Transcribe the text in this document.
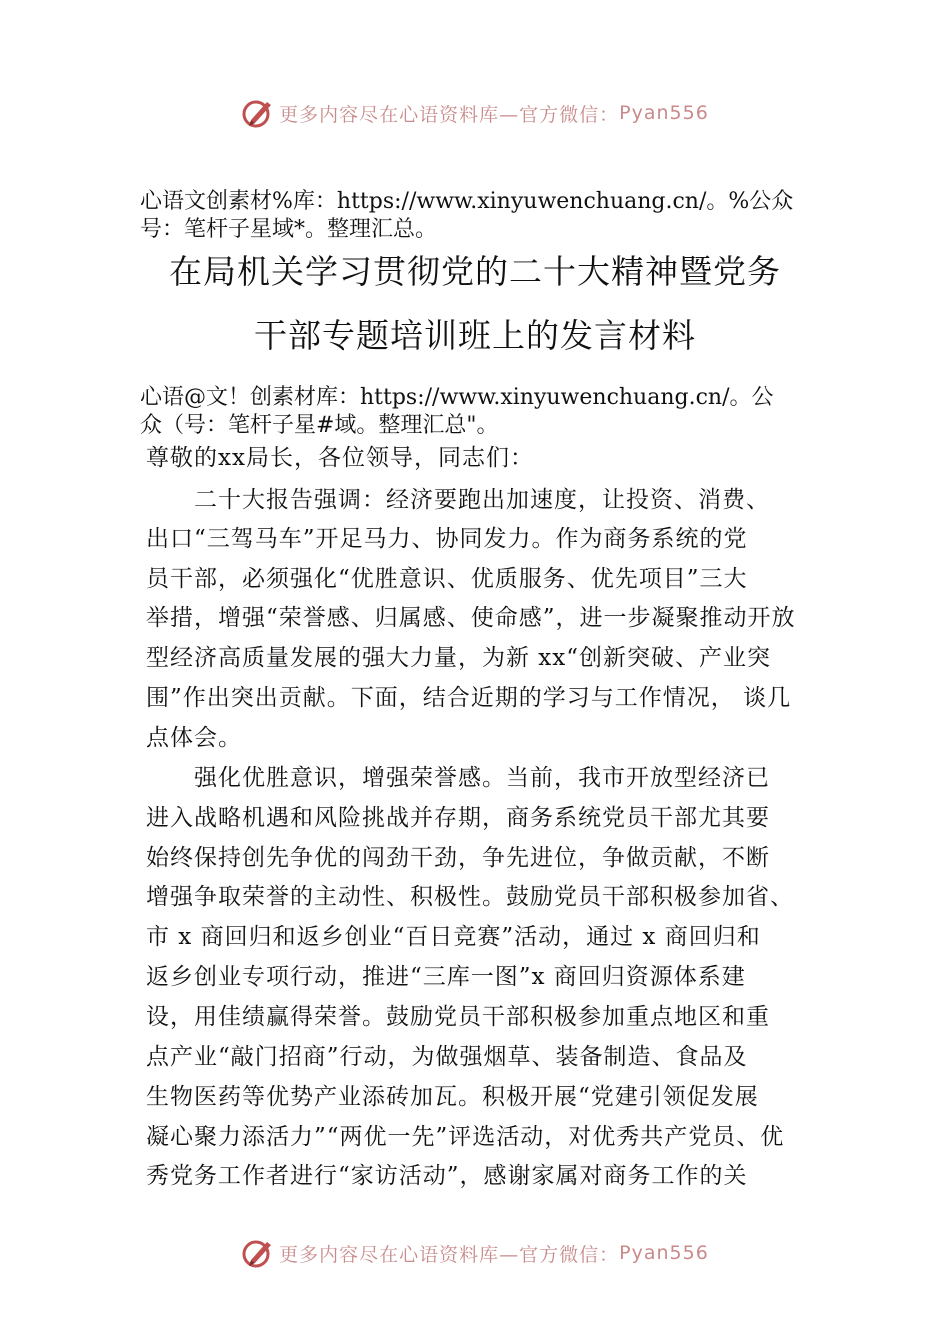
更多内容尽在心语资料库—官方微信： Pyan556
心语文创素材%库：https://www.xinyuwenchuang.cn/。%公众
号：笔杆子星域*。整理汇总。
在局机关学习贯彻党的二十大精神暨党务
干部专题培训班上的发言材料
心语@文！创素材库：https://www.xinyuwenchuang.cn/。公
众（号：笔杆子星#域。整理汇总"。
尊敬的xx局长，各位领导，同志们：
　　二十大报告强调：经济要跑出加速度，让投资、消费、
出口“三驾马车”开足马力、协同发力。作为商务系统的党
员干部，必须强化“优胜意识、优质服务、优先项目”三大
举措，增强“荣誉感、归属感、使命感”，进一步凝聚推动开放
型经济高质量发展的强大力量，为新 xx“创新突破、产业突
围”作出突出贡献。下面，结合近期的学习与工作情况， 谈几
点体会。
　　强化优胜意识，增强荣誉感。当前，我市开放型经济已
进入战略机遇和风险挑战并存期，商务系统党员干部尤其要
始终保持创先争优的闯劲干劲，争先进位，争做贡献，不断
增强争取荣誉的主动性、积极性。鼓励党员干部积极参加省、
市 x 商回归和返乡创业“百日竞赛”活动，通过 x 商回归和
返乡创业专项行动，推进“三库一图”x 商回归资源体系建
设，用佳绩赢得荣誉。鼓励党员干部积极参加重点地区和重
点产业“敲门招商”行动，为做强烟草、装备制造、食品及
生物医药等优势产业添砖加瓦。积极开展“党建引领促发展
凝心聚力添活力”“两优一先”评选活动，对优秀共产党员、优
秀党务工作者进行“家访活动”，感谢家属对商务工作的关
更多内容尽在心语资料库—官方微信： Pyan556
